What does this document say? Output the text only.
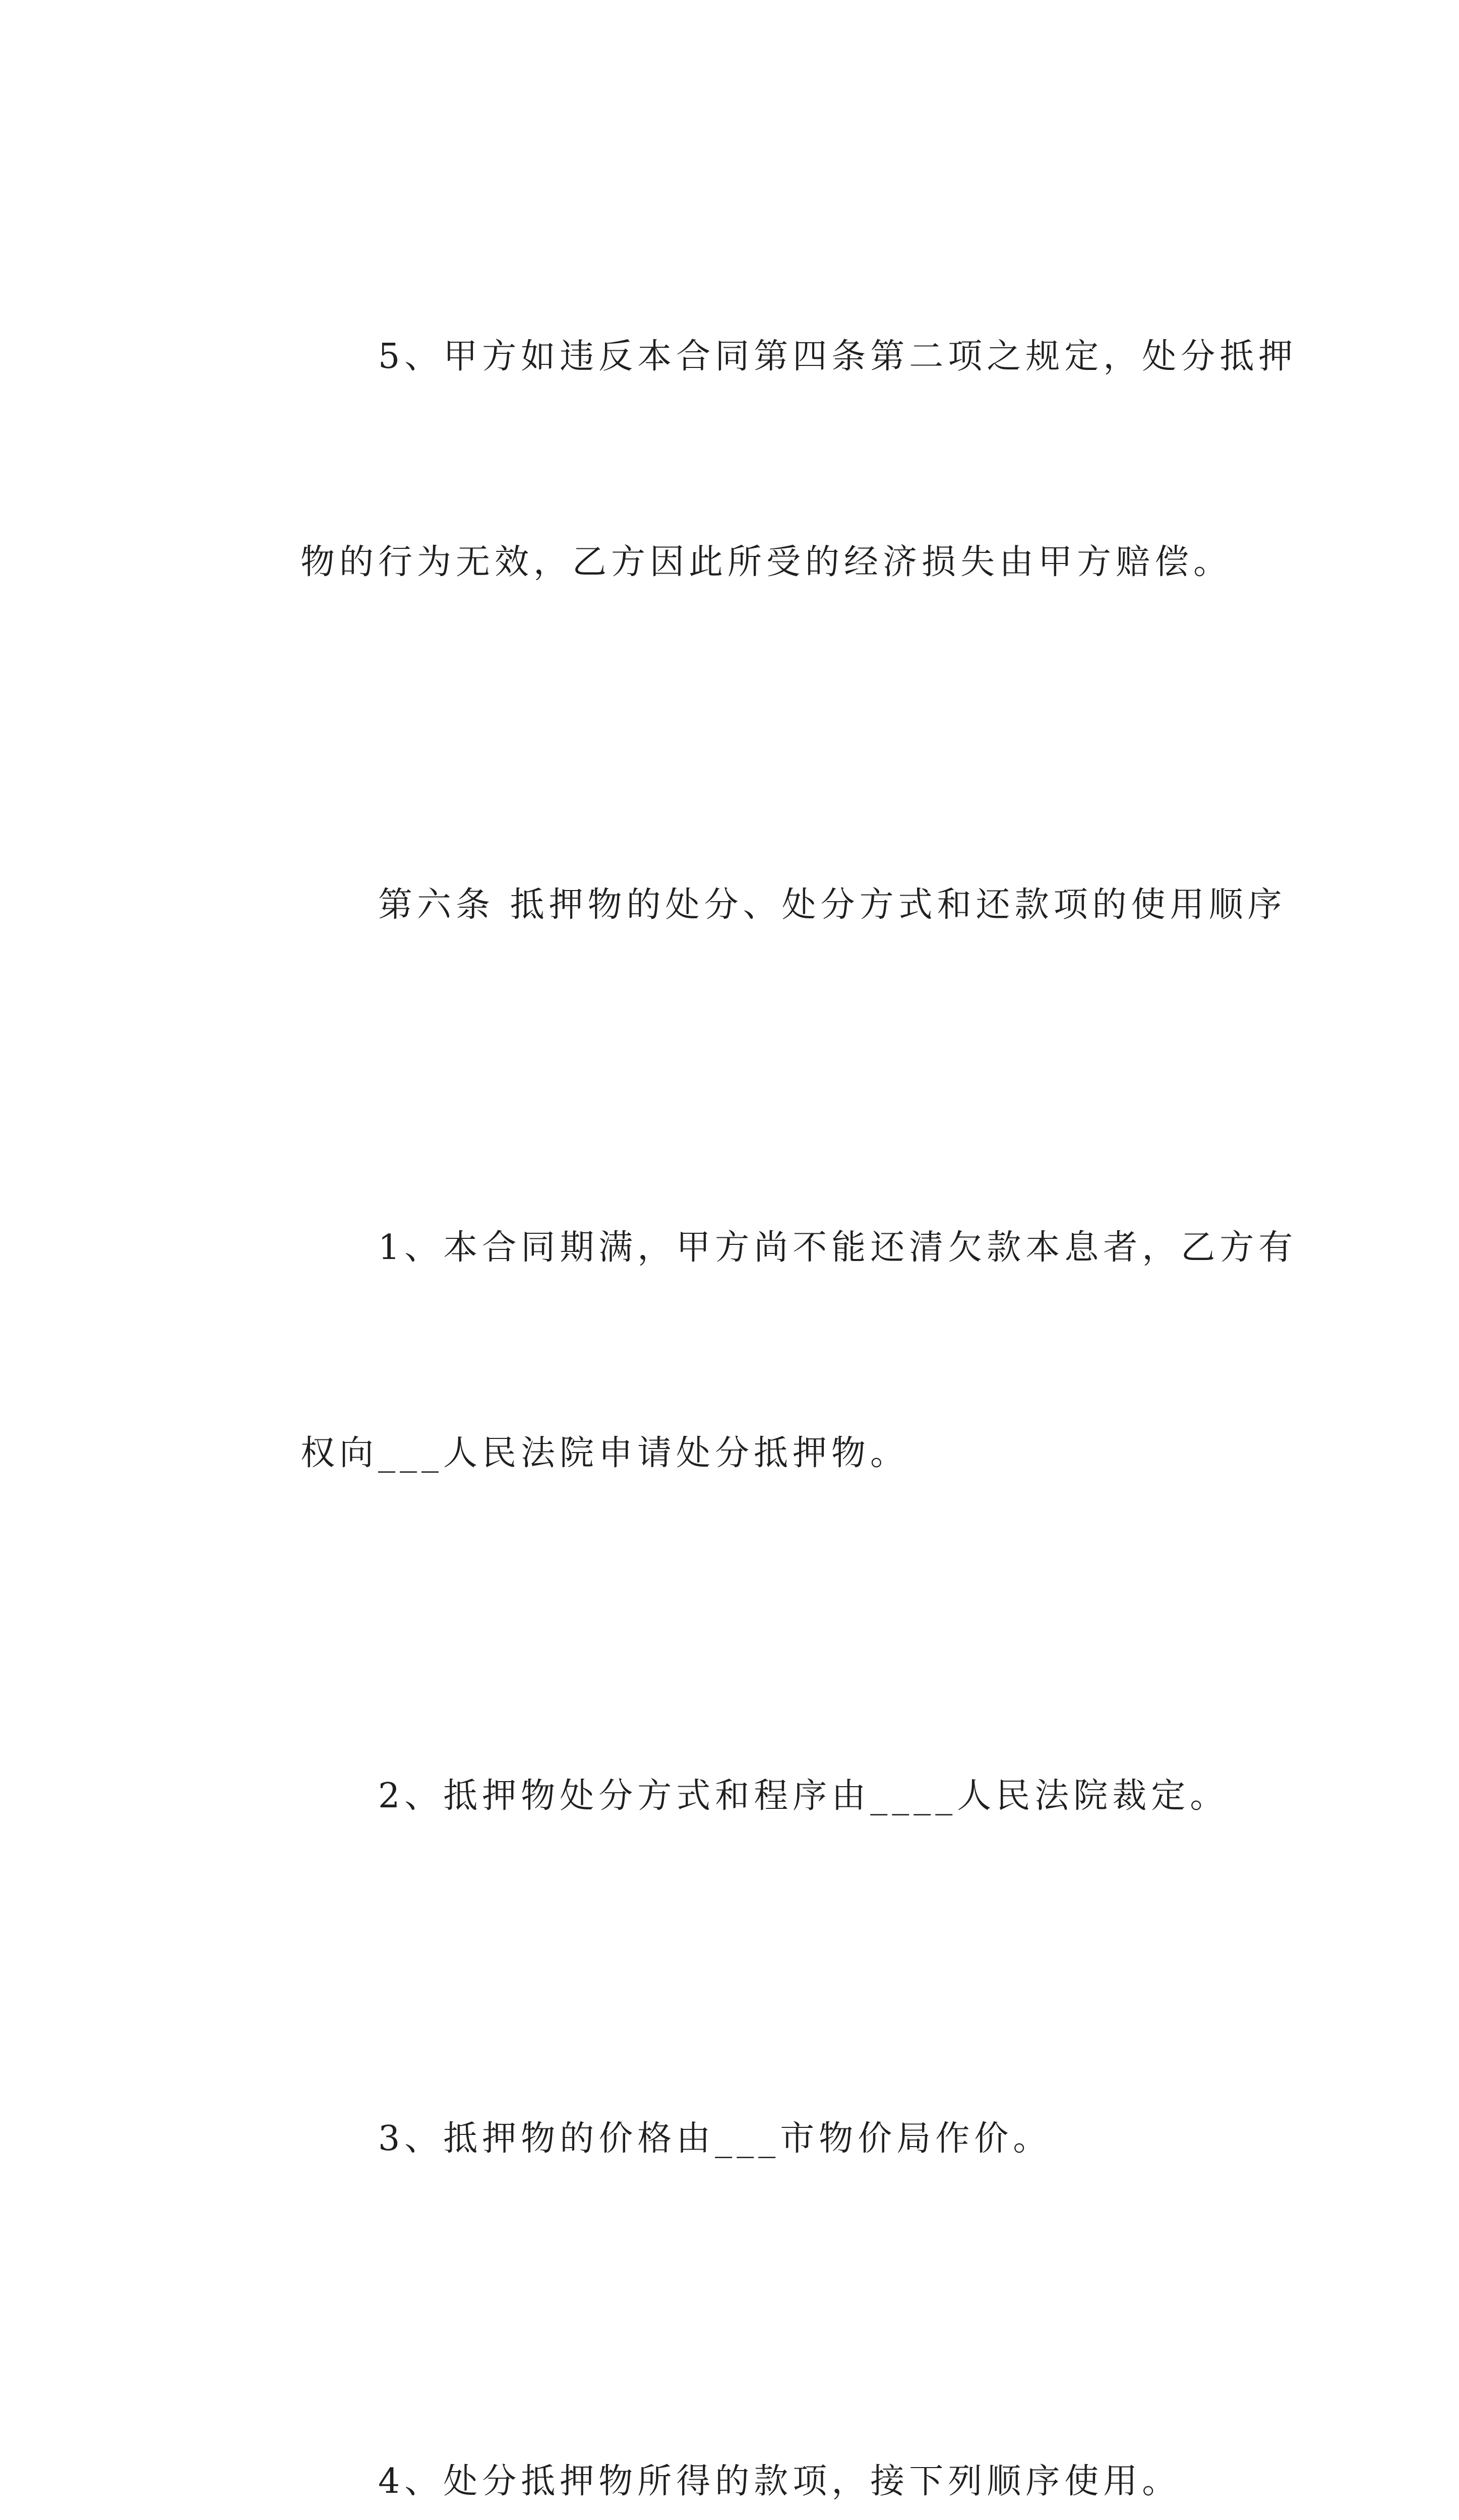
5、甲方如违反本合同第四条第二项之规定，处分抵押

物的行为无效，乙方因此所受的经济损失由甲方赔偿。

第六条 抵押物的处分、处分方式和还款项的使用顺序

1、本合同期满，甲方尚不能还清欠款本息者，乙方有

权向___人民法院申请处分抵押物。

2、抵押物处分方式和程序由____人民法院裁定。

3、抵押物的价格由___市物价局作价。

4、处分抵押物所得的款项，接下列顺序使用。
